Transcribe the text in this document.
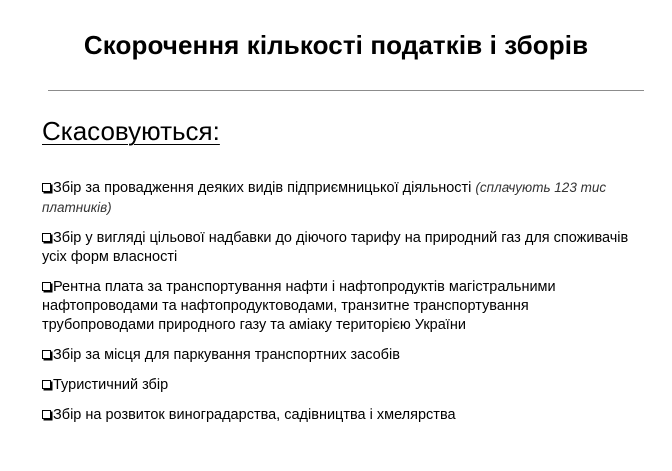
Скорочення кількості податків і зборів
Скасовуються:
Збір за провадження деяких видів підприємницької діяльності (сплачують 123 тис платників)
Збір у вигляді цільової надбавки до діючого тарифу на природний газ для споживачів усіх форм власності
Рентна плата за транспортування нафти і нафтопродуктів магістральними нафтопроводами та нафтопродуктоводами, транзитне транспортування трубопроводами природного газу та аміаку територією України
Збір за місця для паркування транспортних засобів
Туристичний збір
Збір на розвиток виноградарства, садівництва і хмелярства
